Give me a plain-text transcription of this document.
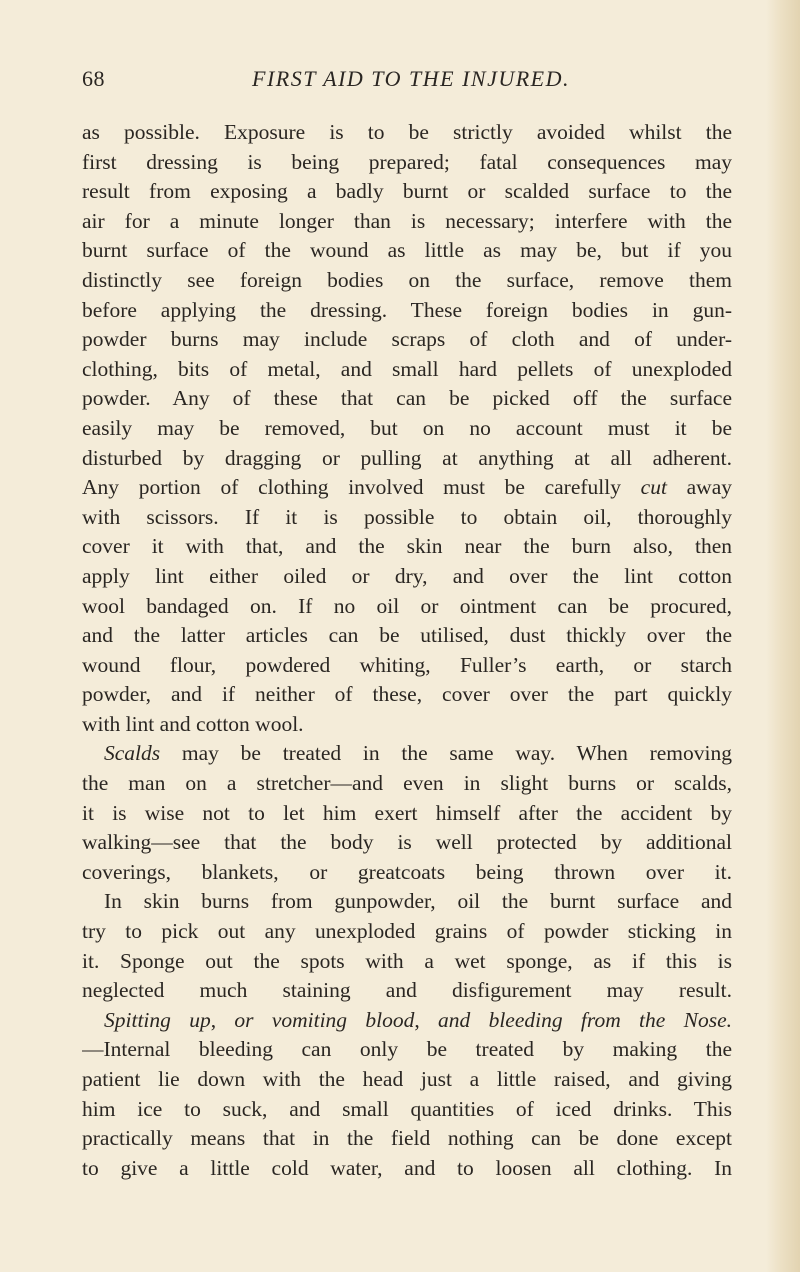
68	FIRST AID TO THE INJURED.
as possible. Exposure is to be strictly avoided whilst the
first dressing is being prepared; fatal consequences may
result from exposing a badly burnt or scalded surface to the
air for a minute longer than is necessary; interfere with the
burnt surface of the wound as little as may be, but if you
distinctly see foreign bodies on the surface, remove them
before applying the dressing. These foreign bodies in gun-
powder burns may include scraps of cloth and of under-
clothing, bits of metal, and small hard pellets of unexploded
powder. Any of these that can be picked off the surface
easily may be removed, but on no account must it be
disturbed by dragging or pulling at anything at all adherent.
Any portion of clothing involved must be carefully cut away
with scissors. If it is possible to obtain oil, thoroughly
cover it with that, and the skin near the burn also, then
apply lint either oiled or dry, and over the lint cotton
wool bandaged on. If no oil or ointment can be procured,
and the latter articles can be utilised, dust thickly over the
wound flour, powdered whiting, Fuller’s earth, or starch
powder, and if neither of these, cover over the part quickly
with lint and cotton wool.
Scalds may be treated in the same way. When removing
the man on a stretcher—and even in slight burns or scalds,
it is wise not to let him exert himself after the accident by
walking—see that the body is well protected by additional
coverings, blankets, or greatcoats being thrown over it.
In skin burns from gunpowder, oil the burnt surface and
try to pick out any unexploded grains of powder sticking in
it. Sponge out the spots with a wet sponge, as if this is
neglected much staining and disfigurement may result.
Spitting up, or vomiting blood, and bleeding from the Nose.
—Internal bleeding can only be treated by making the
patient lie down with the head just a little raised, and giving
him ice to suck, and small quantities of iced drinks. This
practically means that in the field nothing can be done except
to give a little cold water, and to loosen all clothing. In
